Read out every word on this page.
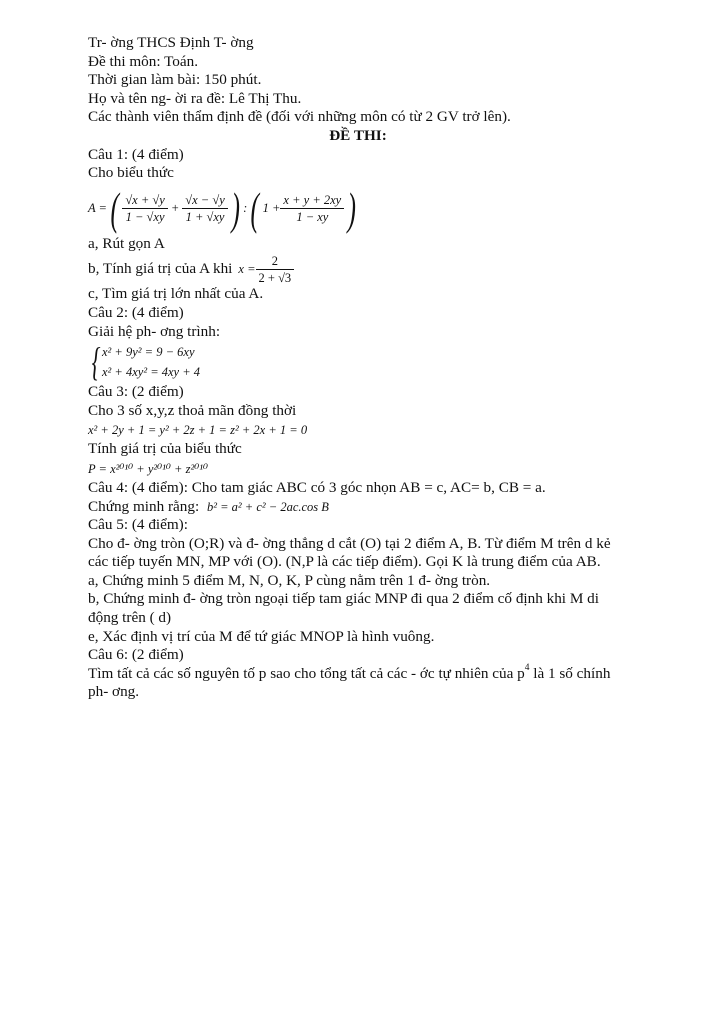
Tr- ờng THCS Định T- ờng
Đề thi môn: Toán.
Thời gian làm bài: 150 phút.
Họ và tên ng- ời ra đề: Lê Thị Thu.
Các thành viên thẩm định đề (đối với những môn có từ 2 GV trở lên).
ĐỀ THI:
Câu 1: (4 điểm)
Cho biểu thức
A = ( $\frac{√x + √y}{1 - √xy} + \frac{√x - √y}{1 + √xy}$ ) : ( $1 + \frac{x + y + 2xy}{1 - xy}$ )
a, Rút gọn A
b, Tính giá trị của A khi $x = \frac{2}{2 + √3}$
c, Tìm giá trị lớn nhất của A.
Câu 2: (4 điểm)
Giải hệ ph- ơng trình:
{ x² + 9y² = 9 − 6xy
x² + 4xy² = 4xy + 4
Câu 3: (2 điểm)
Cho 3 số x,y,z thoả mãn đồng thời
x² + 2y + 1 = y² + 2z + 1 = z² + 2x + 1 = 0
Tính giá trị của biểu thức
P = x²⁰¹⁰ + y²⁰¹⁰ + z²⁰¹⁰
Câu 4: (4 điểm): Cho tam giác ABC có 3 góc nhọn AB = c, AC= b, CB = a.
Chứng minh rằng: b² = a² + c² − 2ac.cos B
Câu 5: (4 điểm):
Cho đ- ờng tròn (O;R) và đ- ờng thẳng d cắt (O) tại 2 điểm A, B. Từ điểm M trên d kẻ các tiếp tuyến MN, MP với (O). (N,P là các tiếp điểm). Gọi K là trung điểm của AB.
a, Chứng minh 5 điểm M, N, O, K, P cùng nằm trên 1 đ- ờng tròn.
b, Chứng minh đ- ờng tròn ngoại tiếp tam giác MNP đi qua 2 điểm cố định khi M di động trên ( d)
e, Xác định vị trí của M để tứ giác MNOP là hình vuông.
Câu 6: (2 điểm)
Tìm tất cả các số nguyên tố p sao cho tổng tất cả các - ớc tự nhiên của $p^4$ là 1 số chính ph- ơng.
